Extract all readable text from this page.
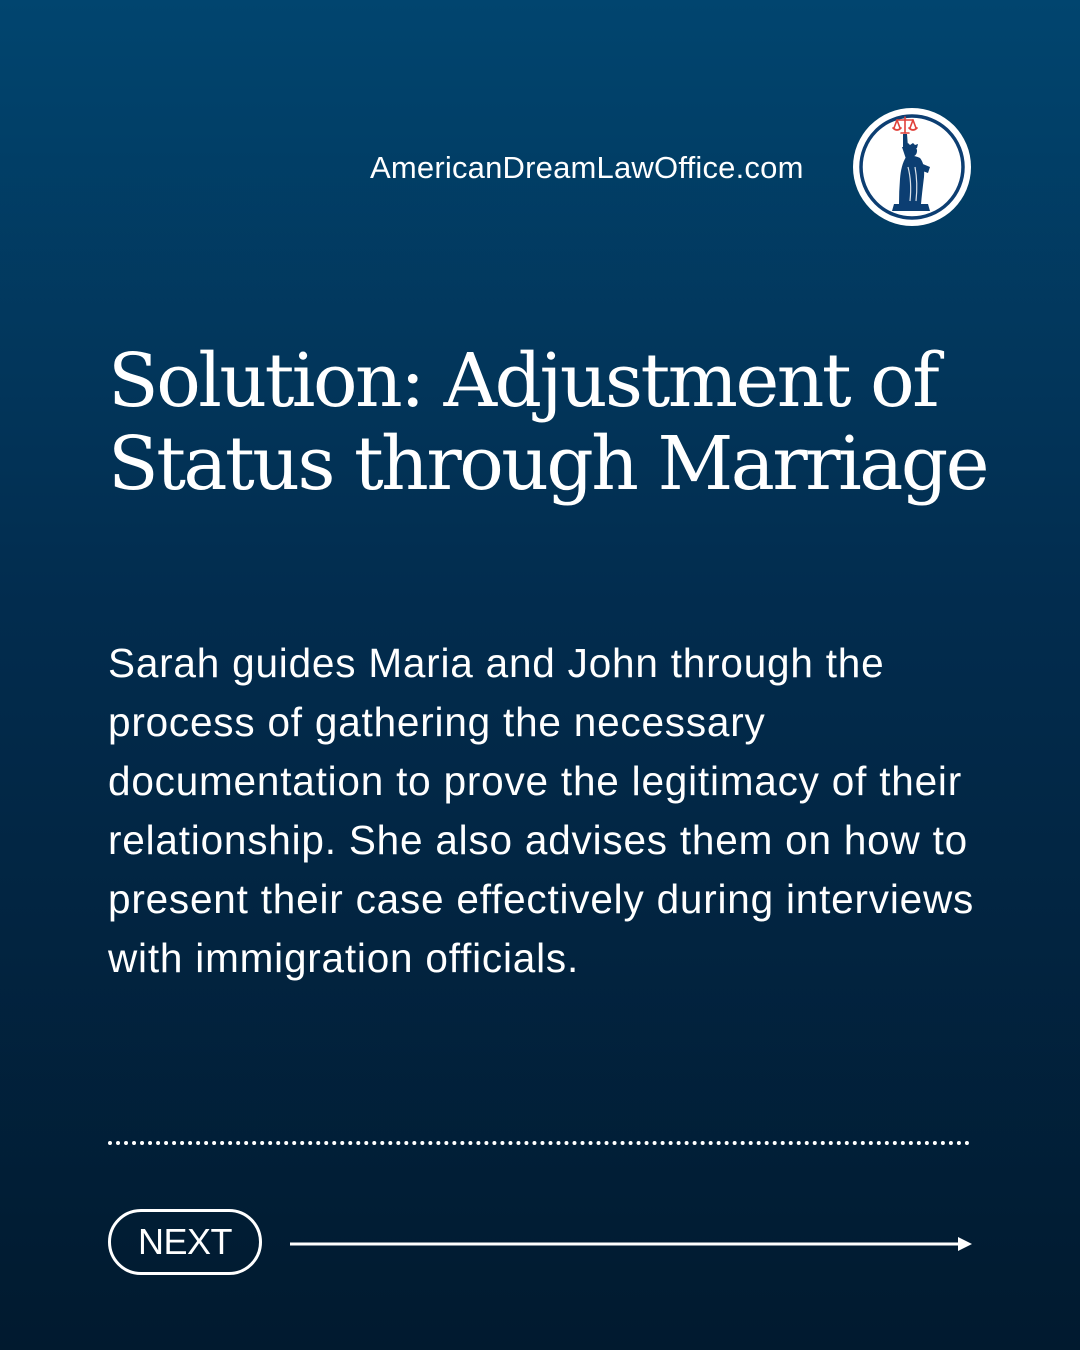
AmericanDreamLawOffice.com
Solution: Adjustment of Status through Marriage

Sarah guides Maria and John through the process of gathering the necessary documentation to prove the legitimacy of their relationship. She also advises them on how to present their case effectively during interviews with immigration officials.

NEXT
